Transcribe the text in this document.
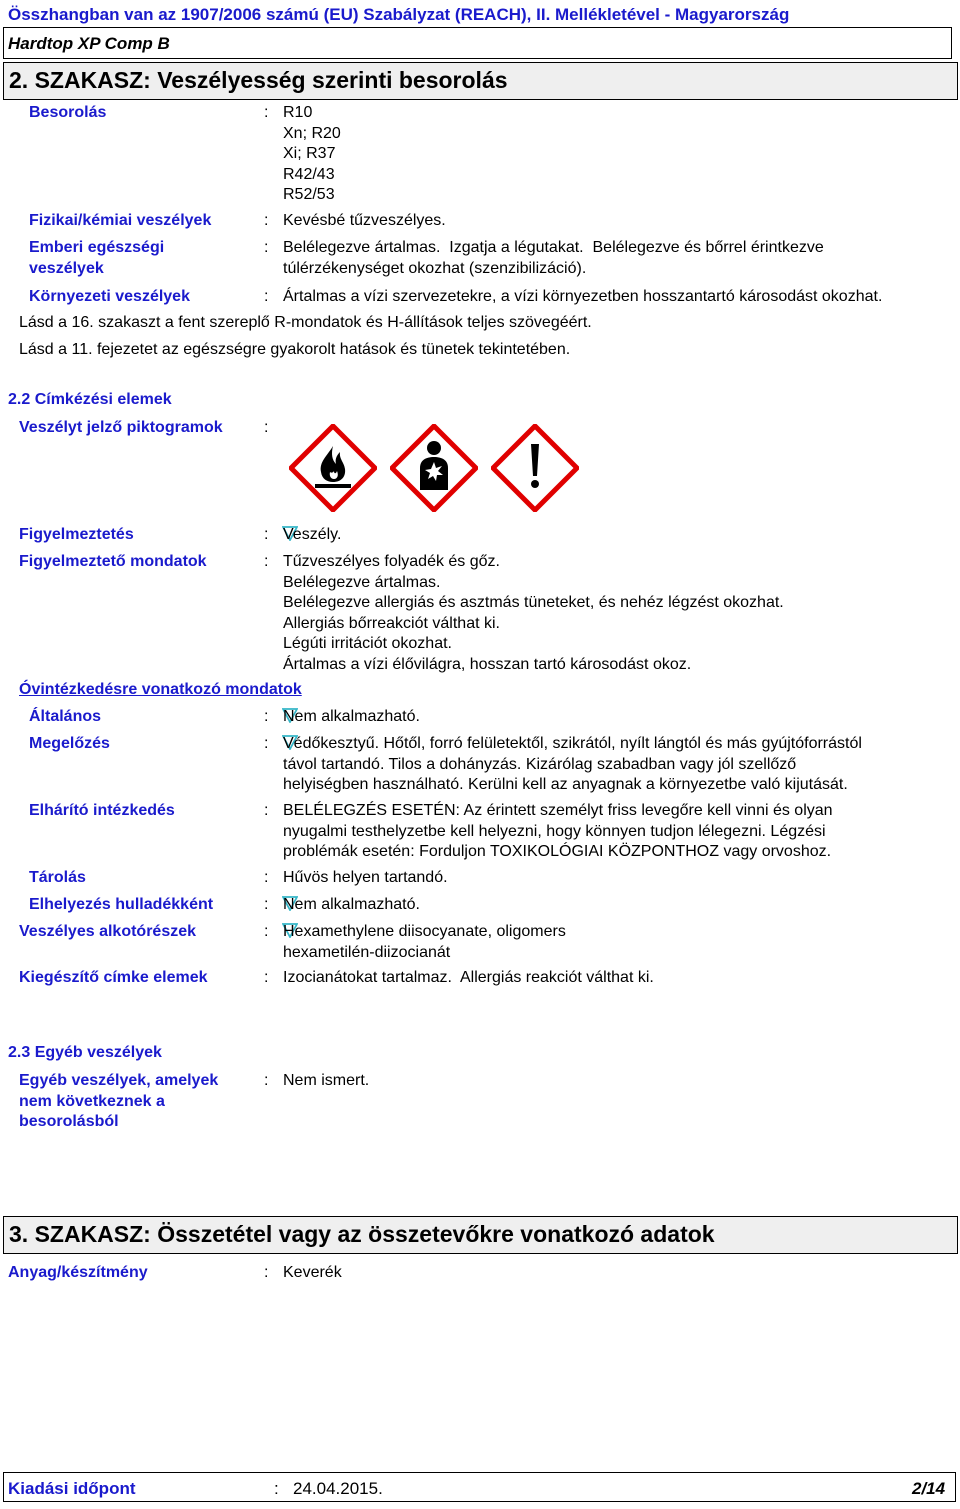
Összhangban van az 1907/2006 számú (EU) Szabályzat (REACH), II. Mellékletével - Magyarország
Hardtop XP Comp B
2. SZAKASZ: Veszélyesség szerinti besorolás
Besorolás	: R10
Xn; R20
Xi; R37
R42/43
R52/53
Fizikai/kémiai veszélyek	: Kevésbé tűzveszélyes.
Emberi egészségi
veszélyek
: Belélegezve ártalmas.  Izgatja a légutakat.  Belélegezve és bőrrel érintkezve
túlérzékenységet okozhat (szenzibilizáció).
Környezeti veszélyek	: Ártalmas a vízi szervezetekre, a vízi környezetben hosszantartó károsodást okozhat.
Lásd a 16. szakaszt a fent szereplő R-mondatok és H-állítások teljes szövegéért.
Lásd a 11. fejezetet az egészségre gyakorolt hatások és tünetek tekintetében.
2.2 Címkézési elemek
Veszélyt jelző piktogramok	:
Figyelmeztetés	: Veszély.
Figyelmeztető mondatok	: Tűzveszélyes folyadék és gőz.
Belélegezve ártalmas.
Belélegezve allergiás és asztmás tüneteket, és nehéz légzést okozhat.
Allergiás bőrreakciót válthat ki.
Légúti irritációt okozhat.
Ártalmas a vízi élővilágra, hosszan tartó károsodást okoz.
Óvintézkedésre vonatkozó mondatok
Általános	: Nem alkalmazható.
Megelőzés	: Védőkesztyű. Hőtől, forró felületektől, szikrától, nyílt lángtól és más gyújtóforrástól
távol tartandó. Tilos a dohányzás. Kizárólag szabadban vagy jól szellőző
helyiségben használható. Kerülni kell az anyagnak a környezetbe való kijutását.
Elhárító intézkedés	: BELÉLEGZÉS ESETÉN: Az érintett személyt friss levegőre kell vinni és olyan
nyugalmi testhelyzetbe kell helyezni, hogy könnyen tudjon lélegezni. Légzési
problémák esetén: Forduljon TOXIKOLÓGIAI KÖZPONTHOZ vagy orvoshoz.
Tárolás	: Hűvös helyen tartandó.
Elhelyezés hulladékként	: Nem alkalmazható.
Veszélyes alkotórészek	: Hexamethylene diisocyanate, oligomers
hexametilén-diizocianát
Kiegészítő címke elemek	: Izocianátokat tartalmaz.  Allergiás reakciót válthat ki.
2.3 Egyéb veszélyek
Egyéb veszélyek, amelyek
nem következnek a
besorolásból
: Nem ismert.
3. SZAKASZ: Összetétel vagy az összetevőkre vonatkozó adatok
Anyag/készítmény	: Keverék
Kiadási időpont	: 24.04.2015.	2/14
